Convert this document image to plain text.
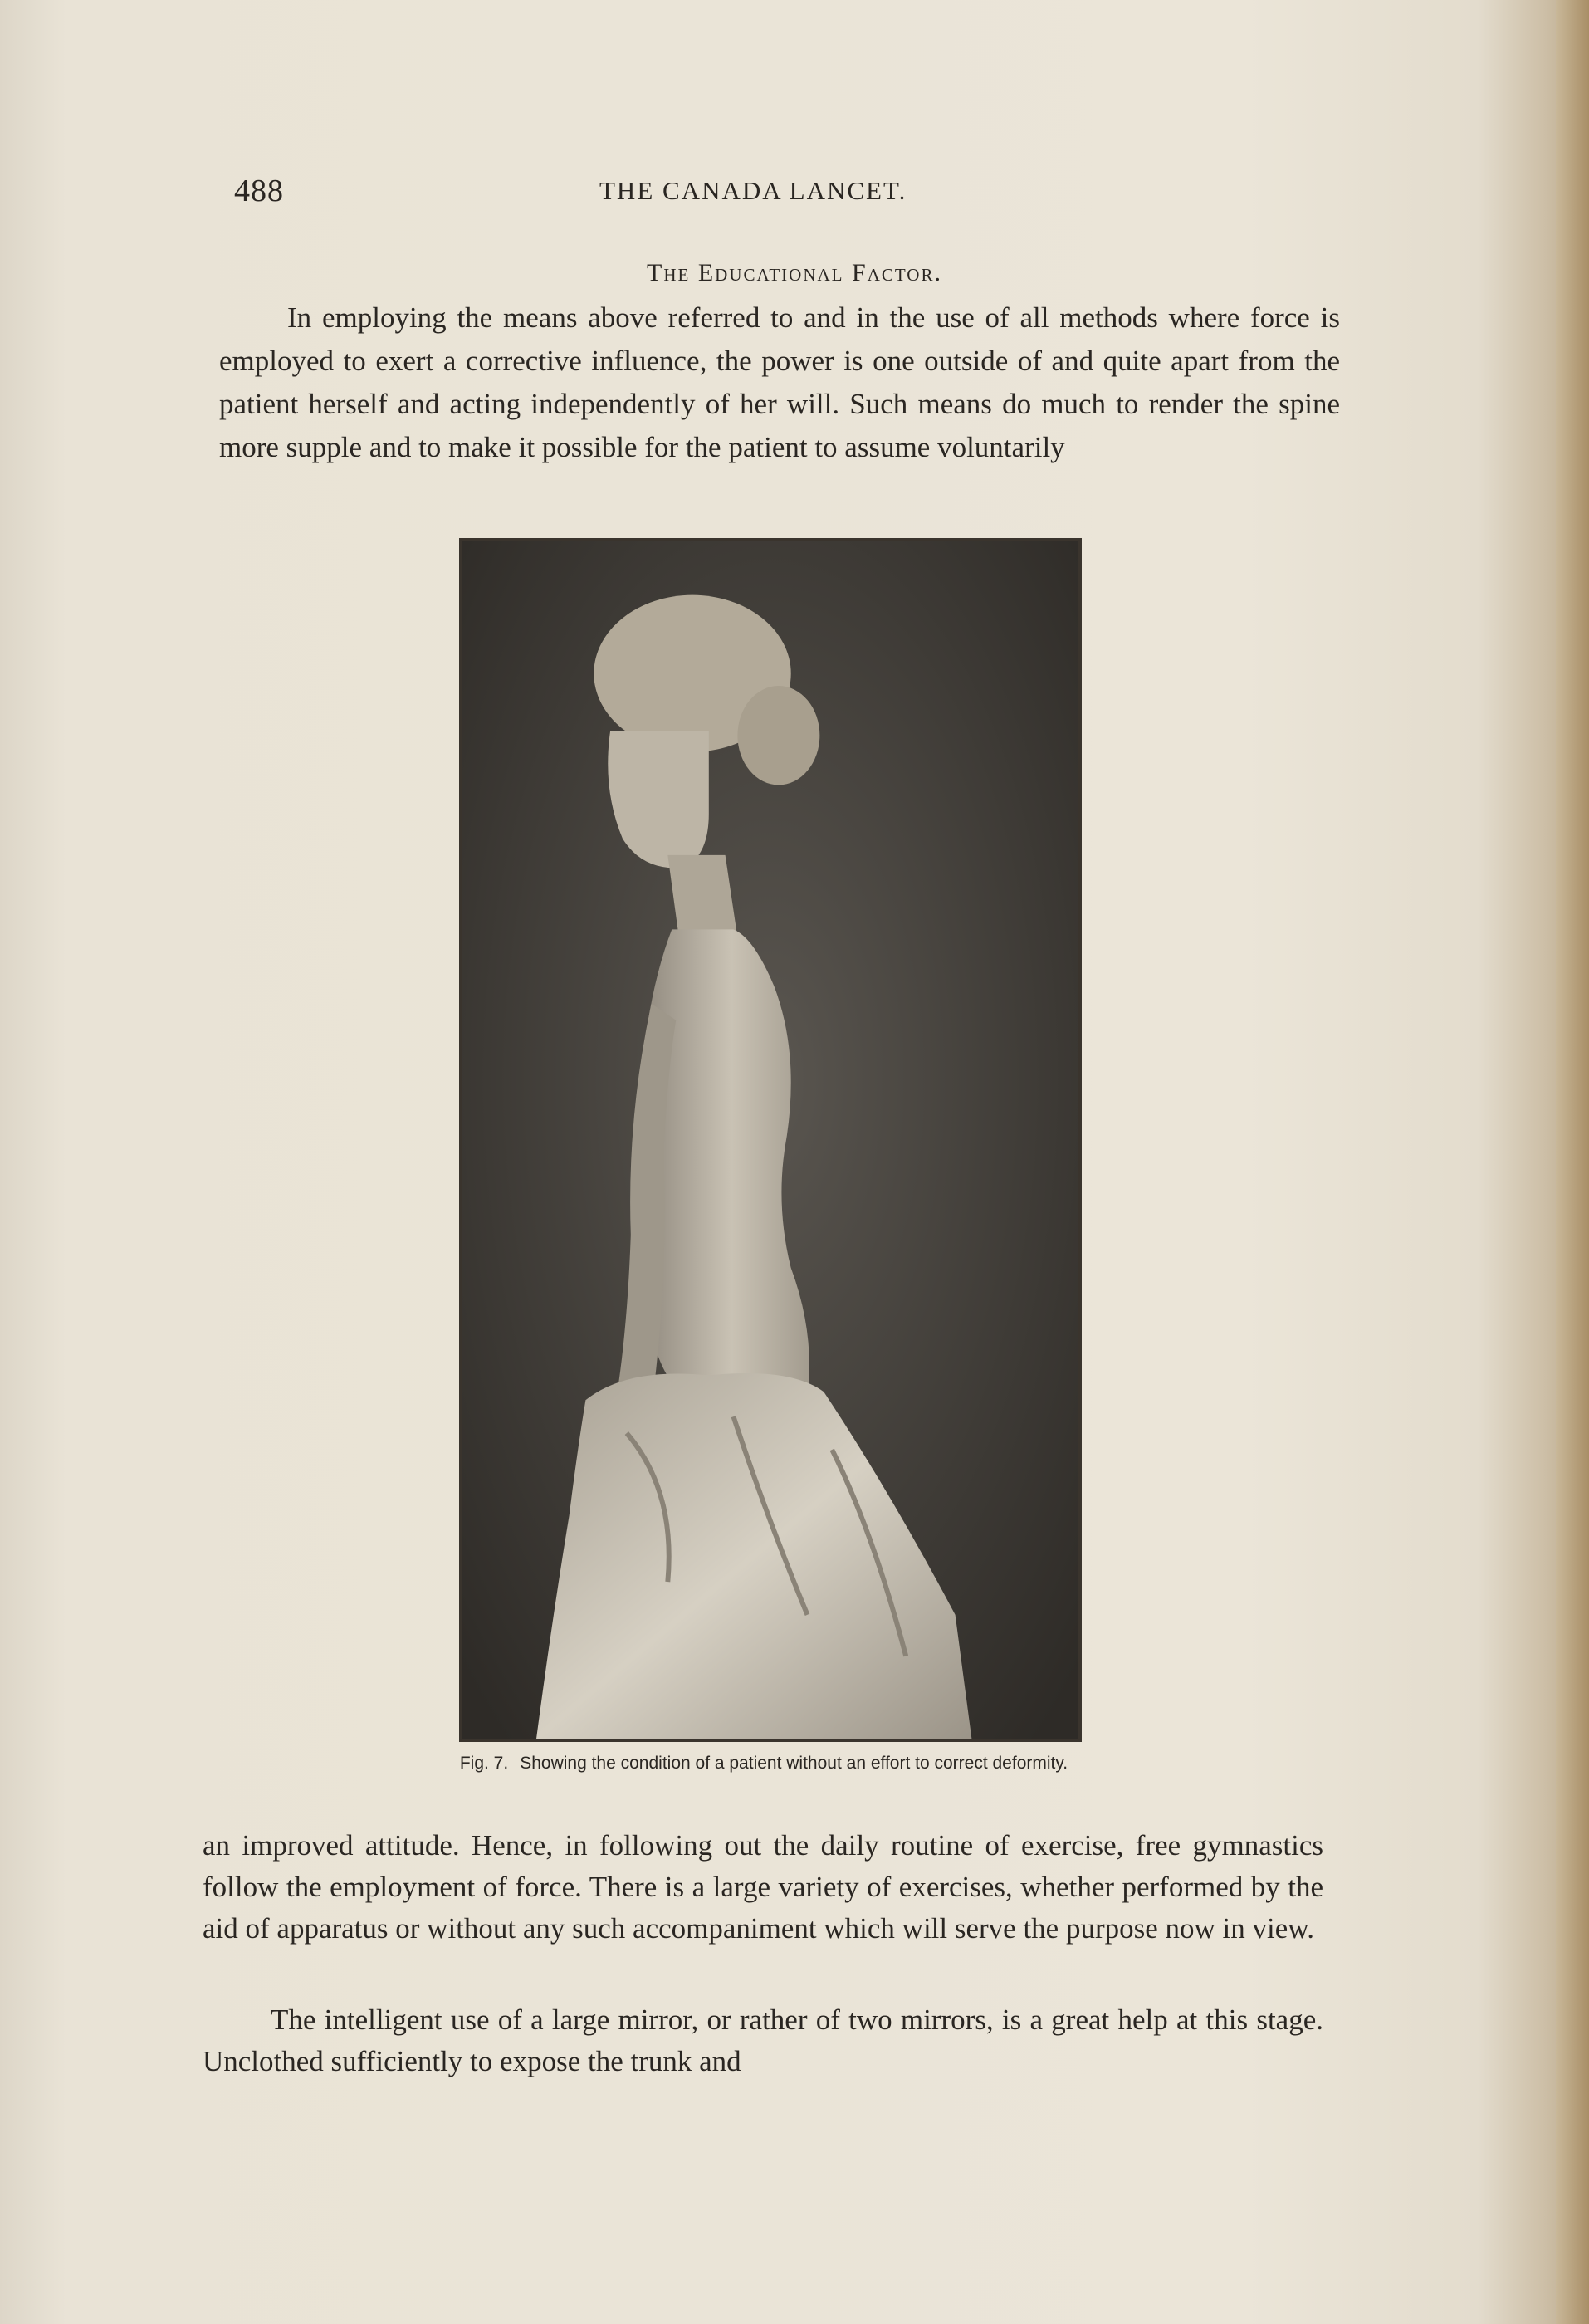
488	THE CANADA LANCET.
The Educational Factor.

In employing the means above referred to and in the use of all methods where force is employed to exert a corrective influence, the power is one outside of and quite apart from the patient herself and acting independently of her will. Such means do much to render the spine more supple and to make it possible for the patient to assume voluntarily

Fig. 7. Showing the condition of a patient without an effort to correct deformity.

an improved attitude. Hence, in following out the daily routine of exercise, free gymnastics follow the employment of force. There is a large variety of exercises, whether performed by the aid of apparatus or without any such accompaniment which will serve the purpose now in view.

The intelligent use of a large mirror, or rather of two mirrors, is a great help at this stage. Unclothed sufficiently to expose the trunk and
